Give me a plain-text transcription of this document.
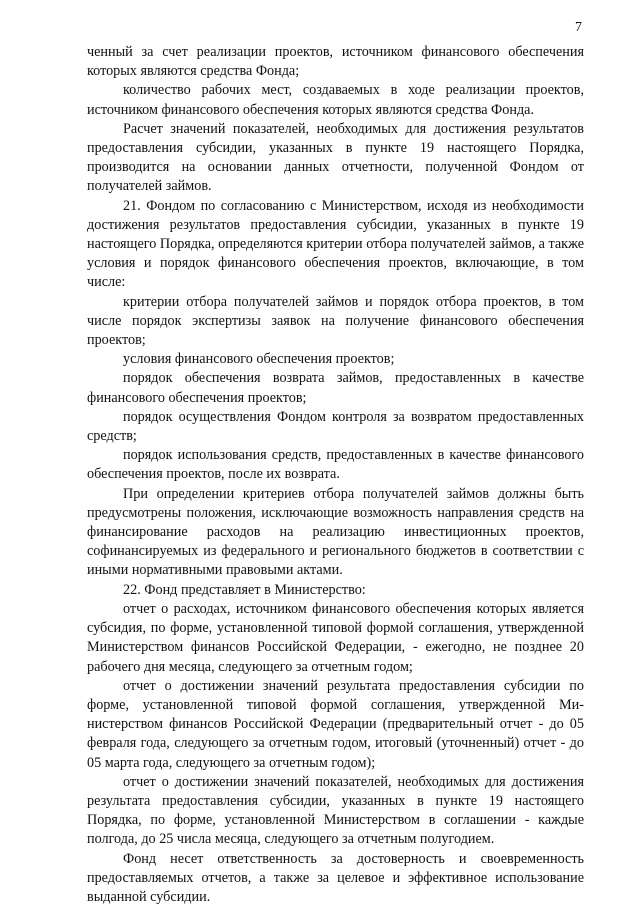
7

ченный за счет реализации проектов, источником финансового обеспечения которых являются средства Фонда;

количество рабочих мест, создаваемых в ходе реализации проектов, источником финансового обеспечения которых являются средства Фонда.

Расчет значений показателей, необходимых для достижения результатов предоставления субсидии, указанных в пункте 19 настоящего Порядка, производится на основании данных отчетности, полученной Фондом от получателей займов.

21. Фондом по согласованию с Министерством, исходя из необходимости достижения результатов предоставления субсидии, указанных в пункте 19 настоящего Порядка, определяются критерии отбора получателей займов, а также условия и порядок финансового обеспечения проектов, включающие, в том числе:

критерии отбора получателей займов и порядок отбора проектов, в том числе порядок экспертизы заявок на получение финансового обеспечения проектов;

условия финансового обеспечения проектов;

порядок обеспечения возврата займов, предоставленных в качестве финансового обеспечения проектов;

порядок осуществления Фондом контроля за возвратом предоставленных средств;

порядок использования средств, предоставленных в качестве финансового обеспечения проектов, после их возврата.

При определении критериев отбора получателей займов должны быть предусмотрены положения, исключающие возможность направления средств на финансирование расходов на реализацию инвестиционных проектов, софинансируемых из федерального и регионального бюджетов в соответствии с иными нормативными правовыми актами.

22. Фонд представляет в Министерство:

отчет о расходах, источником финансового обеспечения которых является субсидия, по форме, установленной типовой формой соглашения, утвержденной Министерством финансов Российской Федерации, - ежегодно, не позднее 20 рабочего дня месяца, следующего за отчетным годом;

отчет о достижении значений результата предоставления субсидии по форме, установленной типовой формой соглашения, утвержденной Министерством финансов Российской Федерации (предварительный отчет - до 05 февраля года, следующего за отчетным годом, итоговый (уточненный) отчет - до 05 марта года, следующего за отчетным годом);

отчет о достижении значений показателей, необходимых для достижения результата предоставления субсидии, указанных в пункте 19 настоящего Порядка, по форме, установленной Министерством в соглашении - каждые полгода, до 25 числа месяца, следующего за отчетным полугодием.

Фонд несет ответственность за достоверность и своевременность предоставляемых отчетов, а также за целевое и эффективное использование выданной субсидии.
